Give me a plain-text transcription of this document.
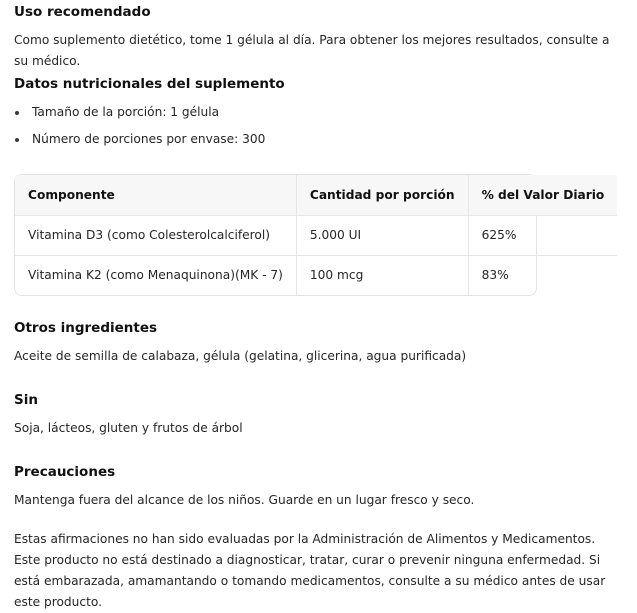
Uso recomendado

Como suplemento dietético, tome 1 gélula al día. Para obtener los mejores resultados, consulte a su médico.

Datos nutricionales del suplemento
Tamaño de la porción: 1 gélula
Número de porciones por envase: 300
Componente	Cantidad por porción	% del Valor Diario
Vitamina D3 (como Colesterolcalciferol)	5.000 UI	625%
Vitamina K2 (como Menaquinona)(MK - 7)	100 mcg	83%
Otros ingredientes

Aceite de semilla de calabaza, gélula (gelatina, glicerina, agua purificada)

Sin

Soja, lácteos, gluten y frutos de árbol

Precauciones

Mantenga fuera del alcance de los niños. Guarde en un lugar fresco y seco.

Estas afirmaciones no han sido evaluadas por la Administración de Alimentos y Medicamentos. Este producto no está destinado a diagnosticar, tratar, curar o prevenir ninguna enfermedad. Si está embarazada, amamantando o tomando medicamentos, consulte a su médico antes de usar este producto.
